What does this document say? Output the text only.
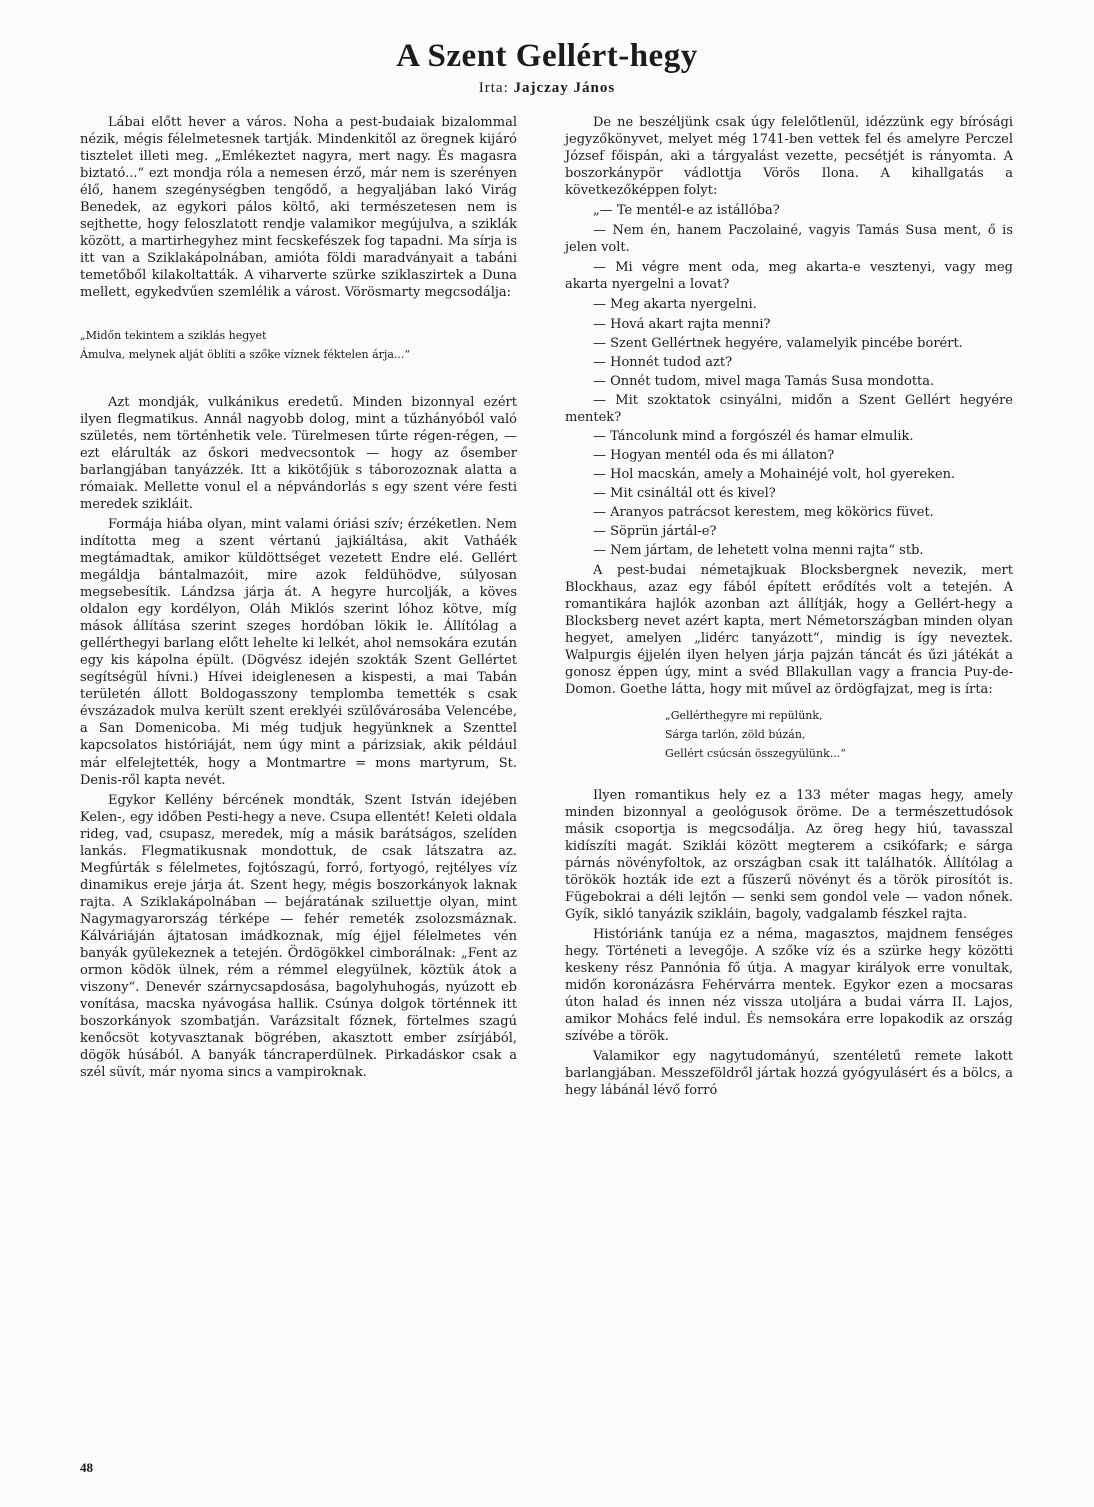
A Szent Gellért-hegy
Irta: Jajczay János

Lábai előtt hever a város. Noha a pest-budaiak bizalommal nézik, mégis félelmetesnek tartják. Mindenkitől az öregnek kijáró tisztelet illeti meg. „Emlékeztet nagyra, mert nagy. És magasra biztató...“ ezt mondja róla a nemesen érző, már nem is szerényen élő, hanem szegénységben tengődő, a hegyaljában lakó Virág Benedek, az egykori pálos költő, aki természetesen nem is sejthette, hogy feloszlatott rendje valamikor megújulva, a sziklák között, a martirhegyhez mint fecskefészek fog tapadni. Ma sírja is itt van a Sziklakápolnában, amióta földi maradványait a tabáni temetőből kilakoltatták. A viharverte szürke sziklaszirtek a Duna mellett, egykedvűen szemlélik a várost. Vörösmarty megcsodálja:

„Midőn tekintem a sziklás hegyet
Ámulva, melynek alját öblíti a szőke víznek féktelen árja...“

Azt mondják, vulkánikus eredetű. Minden bizonnyal ezért ilyen flegmatikus. Annál nagyobb dolog, mint a tűzhányóból való születés, nem történhetik vele. Türelmesen tűrte régen-régen, — ezt elárulták az őskori medvecsontok — hogy az ősember barlangjában tanyázzék. Itt a kikötőjük s táborozoznak alatta a rómaiak. Mellette vonul el a népvándorlás s egy szent vére festi meredek szikláit.

Formája hiába olyan, mint valami óriási szív; érzéketlen. Nem indította meg a szent vértanú jajkiáltása, akit Vatháék megtámadtak, amikor küldöttséget vezetett Endre elé. Gellért megáldja bántalmazóit, mire azok feldühödve, súlyosan megsebesítik. Lándzsa járja át. A hegyre hurcolják, a köves oldalon egy kordélyon, Oláh Miklós szerint lóhoz kötve, míg mások állítása szerint szeges hordóban lökik le. Állítólag a gellérthegyi barlang előtt lehelte ki lelkét, ahol nemsokára ezután egy kis kápolna épült. (Dögvész idején szokták Szent Gellértet segítségül hívni.) Hívei ideiglenesen a kispesti, a mai Tabán területén állott Boldogasszony templomba temették s csak évszázadok mulva került szent ereklyéi szülővárosába Velencébe, a San Domenicoba. Mi még tudjuk hegyünknek a Szenttel kapcsolatos históriáját, nem úgy mint a párizsiak, akik például már elfelejtették, hogy a Montmartre = mons martyrum, St. Denis-ről kapta nevét.

Egykor Kellény bércének mondták, Szent István idejében Kelen-, egy időben Pesti-hegy a neve. Csupa ellentét! Keleti oldala rideg, vad, csupasz, meredek, míg a másik barátságos, szelíden lankás. Flegmatikusnak mondottuk, de csak látszatra az. Megfúrták s félelmetes, fojtószagú, forró, fortyogó, rejtélyes víz dinamikus ereje járja át. Szent hegy, mégis boszorkányok laknak rajta. A Sziklakápolnában — bejáratának sziluettje olyan, mint Nagymagyarország térképe — fehér remeték zsolozsmáznak. Kálváriáján ájtatosan imádkoznak, míg éjjel félelmetes vén banyák gyülekeznek a tetején. Ördögökkel cimborálnak: „Fent az ormon ködök ülnek, rém a rémmel elegyülnek, köztük átok a viszony“. Denevér szárnycsapdosása, bagolyhuhogás, nyúzott eb vonítása, macska nyávogása hallik. Csúnya dolgok történnek itt boszorkányok szombatján. Varázsitalt főznek, förtelmes szagú kenőcsöt kotyvasztanak bögrében, akasztott ember zsírjából, dögök húsából. A banyák táncraperdülnek. Pirkadáskor csak a szél süvít, már nyoma sincs a vampiroknak.

De ne beszéljünk csak úgy felelőtlenül, idézzünk egy bírósági jegyzőkönyvet, melyet még 1741-ben vettek fel és amelyre Perczel József főispán, aki a tárgyalást vezette, pecsétjét is rányomta. A boszorkánypör vádlottja Vörös Ilona. A kihallgatás a következőképpen folyt:

„— Te mentél-e az istállóba?

— Nem én, hanem Paczolainé, vagyis Tamás Susa ment, ő is jelen volt.

— Mi végre ment oda, meg akarta-e vesztenyi, vagy meg akarta nyergelni a lovat?

— Meg akarta nyergelni.

— Hová akart rajta menni?

— Szent Gellértnek hegyére, valamelyik pincébe borért.

— Honnét tudod azt?

— Onnét tudom, mivel maga Tamás Susa mondotta.

— Mit szoktatok csinyálni, midőn a Szent Gellért hegyére mentek?

— Táncolunk mind a forgószél és hamar elmulik.

— Hogyan mentél oda és mi állaton?

— Hol macskán, amely a Mohainéjé volt, hol gyereken.

— Mit csináltál ott és kivel?

— Aranyos patrácsot kerestem, meg kökörics füvet.

— Söprün jártál-e?

— Nem jártam, de lehetett volna menni rajta“ stb.

A pest-budai németajkuak Blocksbergnek nevezik, mert Blockhaus, azaz egy fából épített erődítés volt a tetején. A romantikára hajlók azonban azt állítják, hogy a Gellért-hegy a Blocksberg nevet azért kapta, mert Németországban minden olyan hegyet, amelyen „lidérc tanyázott“, mindig is így neveztek. Walpurgis éjjelén ilyen helyen járja pajzán táncát és űzi játékát a gonosz éppen úgy, mint a svéd Bllakullan vagy a francia Puy-de-Domon. Goethe látta, hogy mit művel az ördögfajzat, meg is írta:

„Gellérthegyre mi repülünk,
Sárga tarlón, zöld búzán,
Gellért csúcsán összegyülünk...“

Ilyen romantikus hely ez a 133 méter magas hegy, amely minden bizonnyal a geológusok öröme. De a természettudósok másik csoportja is megcsodálja. Az öreg hegy hiú, tavasszal kidíszíti magát. Sziklái között megterem a csikófark; e sárga párnás növényfoltok, az országban csak itt találhatók. Állítólag a törökök hozták ide ezt a fűszerű növényt és a török pirosítót is. Fügebokrai a déli lejtőn — senki sem gondol vele — vadon nőnek. Gyík, sikló tanyázik szikláin, bagoly, vadgalamb fészkel rajta.

Históriánk tanúja ez a néma, magasztos, majdnem fenséges hegy. Történeti a levegője. A szőke víz és a szürke hegy közötti keskeny rész Pannónia fő útja. A magyar királyok erre vonultak, midőn koronázásra Fehérvárra mentek. Egykor ezen a mocsaras úton halad és innen néz vissza utoljára a budai várra II. Lajos, amikor Mohács felé indul. És nemsokára erre lopakodik az ország szívébe a török.

Valamikor egy nagytudományú, szentéletű remete lakott barlangjában. Messzeföldről jártak hozzá gyógyulásért és a bölcs, a hegy lábánál lévő forró

48
